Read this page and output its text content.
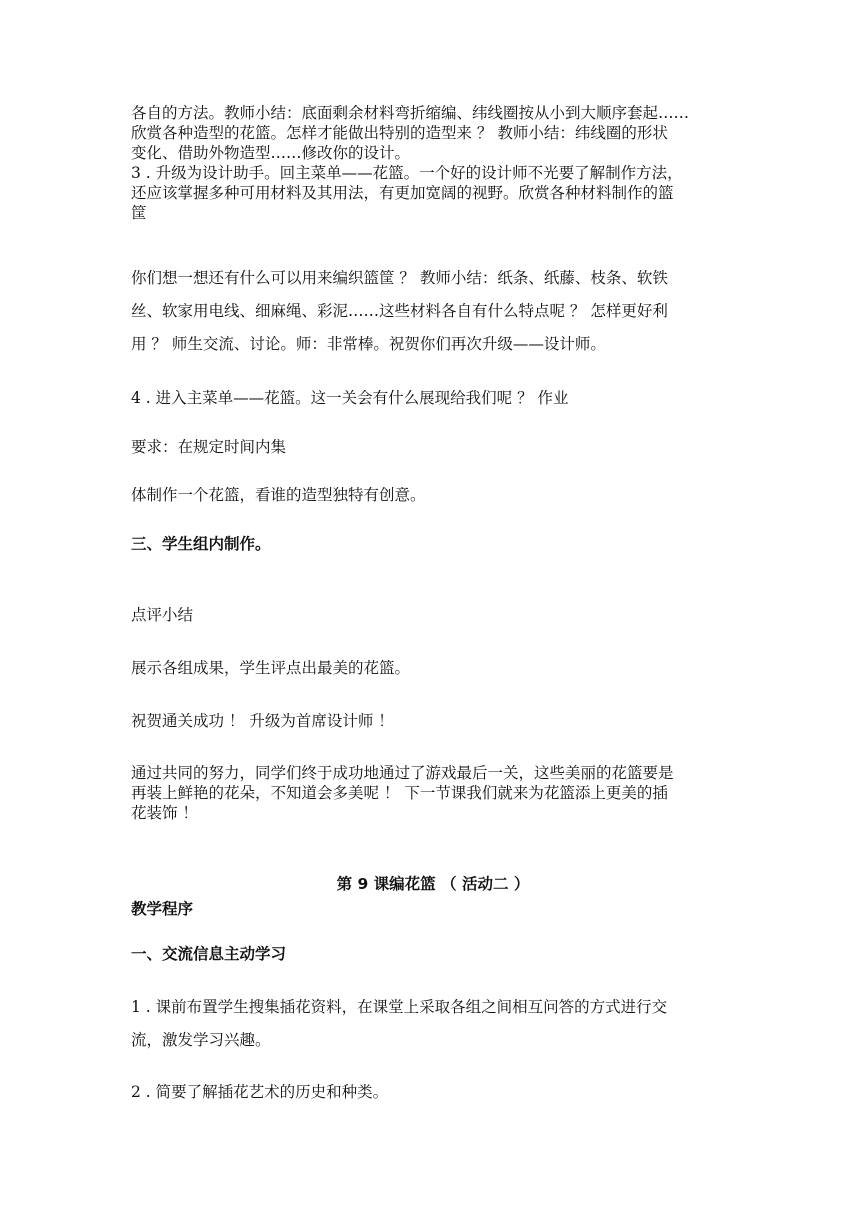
各自的方法。教师小结：底面剩余材料弯折缩编、纬线圈按从小到大顺序套起……
欣赏各种造型的花篮。怎样才能做出特别的造型来 ？ 教师小结：纬线圈的形状
变化、借助外物造型……修改你的设计。
3 . 升级为设计助手。回主菜单——花篮。一个好的设计师不光要了解制作方法，
还应该掌握多种可用材料及其用法，有更加宽阔的视野。欣赏各种材料制作的篮
筐
你们想一想还有什么可以用来编织篮筐 ？ 教师小结：纸条、纸藤、枝条、软铁
丝、软家用电线、细麻绳、彩泥……这些材料各自有什么特点呢 ？ 怎样更好利
用 ？ 师生交流、讨论。师：非常棒。祝贺你们再次升级——设计师。

4 . 进入主菜单——花篮。这一关会有什么展现给我们呢 ？ 作业

要求：在规定时间内集

体制作一个花篮，看谁的造型独特有创意。

三、学生组内制作。

点评小结

展示各组成果，学生评点出最美的花篮。

祝贺通关成功 ！ 升级为首席设计师 ！

通过共同的努力，同学们终于成功地通过了游戏最后一关，这些美丽的花篮要是
再装上鲜艳的花朵，不知道会多美呢 ！ 下一节课我们就来为花篮添上更美的插
花装饰 ！

第 9 课编花篮 （ 活动二 ）

教学程序

一、交流信息主动学习

1 . 课前布置学生搜集插花资料，在课堂上采取各组之间相互问答的方式进行交
流，激发学习兴趣。

2 . 简要了解插花艺术的历史和种类。
